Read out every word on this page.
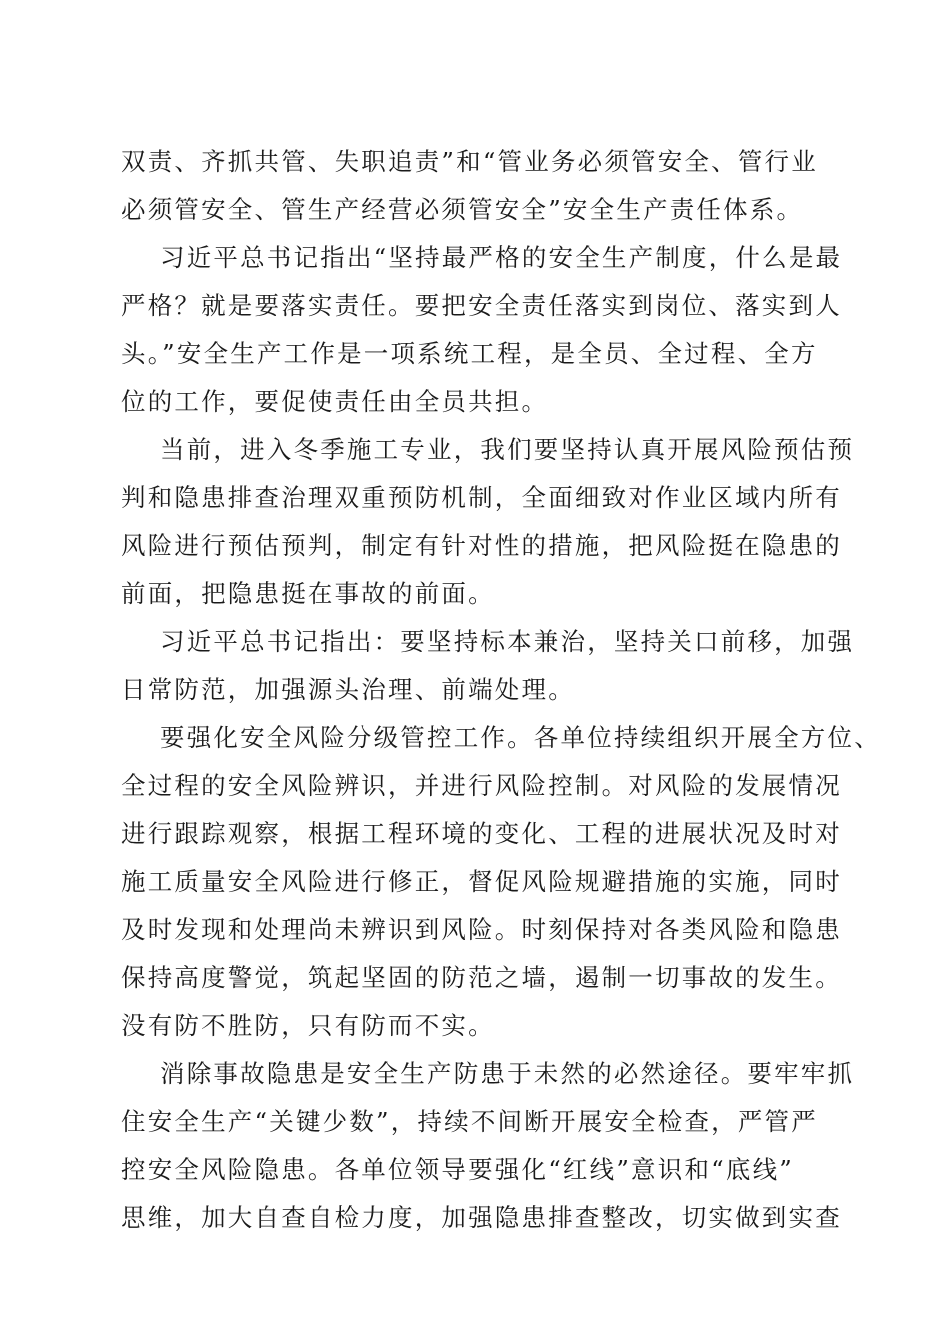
双责、齐抓共管、失职追责”和“管业务必须管安全、管行业
必须管安全、管生产经营必须管安全”安全生产责任体系。
习近平总书记指出“坚持最严格的安全生产制度，什么是最
严格？就是要落实责任。要把安全责任落实到岗位、落实到人
头。”安全生产工作是一项系统工程，是全员、全过程、全方
位的工作，要促使责任由全员共担。
当前，进入冬季施工专业，我们要坚持认真开展风险预估预
判和隐患排查治理双重预防机制，全面细致对作业区域内所有
风险进行预估预判，制定有针对性的措施，把风险挺在隐患的
前面，把隐患挺在事故的前面。
习近平总书记指出：要坚持标本兼治，坚持关口前移，加强
日常防范，加强源头治理、前端处理。
要强化安全风险分级管控工作。各单位持续组织开展全方位、
全过程的安全风险辨识，并进行风险控制。对风险的发展情况
进行跟踪观察，根据工程环境的变化、工程的进展状况及时对
施工质量安全风险进行修正，督促风险规避措施的实施，同时
及时发现和处理尚未辨识到风险。时刻保持对各类风险和隐患
保持高度警觉，筑起坚固的防范之墙，遏制一切事故的发生。
没有防不胜防，只有防而不实。
消除事故隐患是安全生产防患于未然的必然途径。要牢牢抓
住安全生产“关键少数”，持续不间断开展安全检查，严管严
控安全风险隐患。各单位领导要强化“红线”意识和“底线”
思维，加大自查自检力度，加强隐患排查整改，切实做到实查
